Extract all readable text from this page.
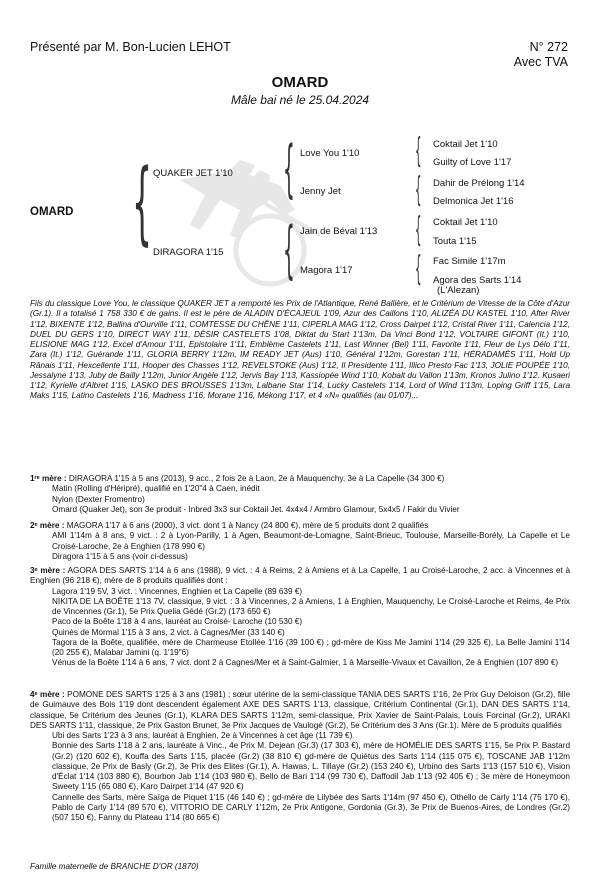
Présenté par M. Bon-Lucien LEHOT	N° 272
Avec TVA
OMARD
Mâle bai né le 25.04.2024
OMARD { QUAKER JET 1'10
DIRAGORA 1'15
{
{
Love You 1'10
Jenny Jet
Jain de Béval 1'13
Magora 1'17
{
{
{
{
Coktail Jet 1'10
Guilty of Love 1'17
Dahir de Prélong 1'14
Delmonica Jet 1'16
Coktail Jet 1'10
Touta 1'15
Fac Simile 1'17m
Agora des Sarts 1'14
(L'Alezan)
Fils du classique Love You, le classique QUAKER JET a remporté les Prix de l'Atlantique, René Ballière, et le Critérium de Vitesse de la Côte d'Azur (Gr.1). Il a totalisé 1 758 330 € de gains. Il est le père de ALADIN D'ÉCAJEUL 1'09, Azur des Caillons 1'10, ALIZÉA DU KASTEL 1'10, After River 1'12, BIXENTE 1'12, Ballina d'Ourville 1'11, COMTESSE DU CHÊNE 1'11, CIPERLA MAG 1'12, Cross Dairpet 1'12, Cristal River 1'11, Calencia 1'12, DUEL DU GERS 1'10, DIRECT WAY 1'11, DÉSIR CASTELETS 1'08, Diktat du Start 1'13m, Da Vinci Bond 1'12, VOLTAIRE GIFONT (It.) 1'10, ELISIONE MAG 1'12, Excel d'Amour 1'11, Epistolaire 1'11, Emblème Castelets 1'11, Last Winner (Bel) 1'11, Favorite 1'11, Fleur de Lys Délo 1'11, Zara (It.) 1'12, Guérande 1'11, GLORIA BERRY 1'12m, IM READY JET (Aus) 1'10, Général 1'12m, Gorestan 1'11, HÉRADAMÈS 1'11, Hold Up Rânais 1'11, Hexcellente 1'11, Hooper des Chasses 1'12, REVELSTOKE (Aus) 1'12, Il Presidente 1'11, Illico Presto Fac 1'13, JOLIE POUPÉE 1'10, Jessalyne 1'13, Juby de Bailly 1'12m, Junior Angèle 1'12, Jervis Bay 1'13, Kassiopée Wind 1'10, Kobalt du Vallon 1'13m, Kronos Julino 1'12. Kusaeri 1'12, Kyrielle d'Albret 1'15, LASKO DES BROUSSES 1'13m, Lalbane Star 1'14, Lucky Castelets 1'14, Lord of Wind 1'13m, Loping Griff 1'15, Lara Maks 1'15, Latino Castelets 1'16, Madness 1'16, Morane 1'16, Mékong 1'17, et 4 «N» qualifiés (au 01/07)...

1ʳᵉ mère : DIRAGORA 1'15 à 5 ans (2013), 9 acc., 2 fois 2e à Laon, 2e à Mauquenchy, 3e à La Capelle (34 300 €)

Matin (Rolling d'Héripré), qualifié en 1'20"4 à Caen, inédit

Nylon (Dexter Fromentro)

Omard (Quaker Jet), son 3e produit - Inbred 3x3 sur Coktail Jet. 4x4x4 / Armbro Glamour, 5x4x5 / Fakir du Vivier

2ᵉ mère : MAGORA 1'17 à 6 ans (2000), 3 vict. dont 1 à Nancy (24 800 €), mère de 5 produits dont 2 qualifiés

AMI 1'14m à 8 ans, 9 vict. : 2 à Lyon-Parilly, 1 à Agen, Beaumont-de-Lomagne, Saint-Brieuc, Toulouse, Marseille-Borély, La Capelle et Le Croisé-Laroche, 2e à Enghien (178 990 €)

Diragora 1'15 à 5 ans (voir ci-dessus)

3ᵉ mère : AGORA DES SARTS 1'14 à 6 ans (1988), 9 vict. : 4 à Reims, 2 à Amiens et à La Capelle, 1 au Croisé-Laroche, 2 acc. à Vincennes et à Enghien (96 218 €), mère de 8 produits qualifiés dont :

Lagora 1'19 5V, 3 vict. : Vincennes, Enghien et La Capelle (89 639 €)

NIKITA DE LA BOÊTE 1'13 7V, classique, 9 vict. : 3 à Vincennes, 2 à Amiens, 1 à Enghien, Mauquenchy, Le Croisé-Laroche et Reims, 4e Prix de Vincennes (Gr.1), 5e Prix Quelia Gédé (Gr.2) (173 650 €)

Paco de la Boête 1'18 à 4 ans, lauréat au Croisé- Laroche (10 530 €)

Quinès de Mormal 1'15 à 3 ans, 2 vict. à Cagnes/Mer (33 140 €)

Tagora de la Boête, qualifiée, mère de Charmeuse Etollée 1'16 (39 100 €) ; gd-mère de Kiss Me Jamini 1'14 (29 325 €), La Belle Jamini 1'14 (20 255 €), Malabar Jamini (q. 1'19"6)

Vénus de la Boête 1'14 à 6 ans, 7 vict. dont 2 à Cagnes/Mer et à Saint-Galmier, 1 à Marseille-Vivaux et Cavaillon, 2e à Enghien (107 890 €)

4ᵉ mère : POMONE DES SARTS 1'25 à 3 ans (1981) ; sœur utérine de la semi-classique TANIA DES SARTS 1'16, 2e Prix Guy Deloison (Gr.2), fille de Guimauve des Bois 1'19 dont descendent également AXE DES SARTS 1'13, classique, Critérium Continental (Gr.1), DAN DES SARTS 1'14, classique, 5e Critérium des Jeunes (Gr.1), KLARA DES SARTS 1'12m, semi-classique, Prix Xavier de Saint-Palais, Louis Forcinal (Gr.2), URAKI DES SARTS 1'11, classique, 2e Prix Gaston Brunet, 3e Prix Jacques de Vaulogé (Gr.2), 5e Critérium des 3 Ans (Gr.1). Mère de 5 produits qualifiés

Ubi des Sarts 1'23 à 3 ans, lauréat à Enghien, 2e à Vincennes à cet âge (11 739 €)

Bonnie des Sarts 1'18 à 2 ans, lauréate à Vinc., 4e Prix M. Dejean (Gr.3) (17 303 €), mère de HOMÉLIE DES SARTS 1'15, 5e Prix P. Bastard (Gr.2) (120 602 €), Kouffa des Sarts 1'15, placée (Gr.2) (38 810 €) gd-mère de Quiétus des Sarts 1'14 (115 075 €), TOSCANE JAB 1'12m classique, 2e Prix de Basly (Gr.2), 3e Prix des Elites (Gr.1), A. Hawas, L. Tillaye (Gr.2) (153 240 €), Urbino des Sarts 1'13 (157 510 €), Vision d'Éclat 1'14 (103 880 €), Bourbon Jab 1'14 (103 980 €), Bello de Bari 1'14 (99 730 €), Daffodil Jab 1'13 (92 405 €) ; 3e mère de Honeymoon Sweety 1'15 (65 080 €), Karo Dairpet 1'14 (47 920 €)

Cannelle des Sarts, mère Saïga de Piquet 1'15 (46 140 €) ; gd-mère de Lilybée des Sarts 1'14m (97 450 €), Othello de Carly 1'14 (75 170 €), Pablo de Carly 1'14 (89 570 €), VITTORIO DE CARLY 1'12m, 2e Prix Antigone, Gordonia (Gr.3), 3e Prix de Buenos-Aires, de Londres (Gr.2) (507 150 €), Fanny du Plateau 1'14 (80 665 €)

Famille maternelle de BRANCHE D'OR (1870)
